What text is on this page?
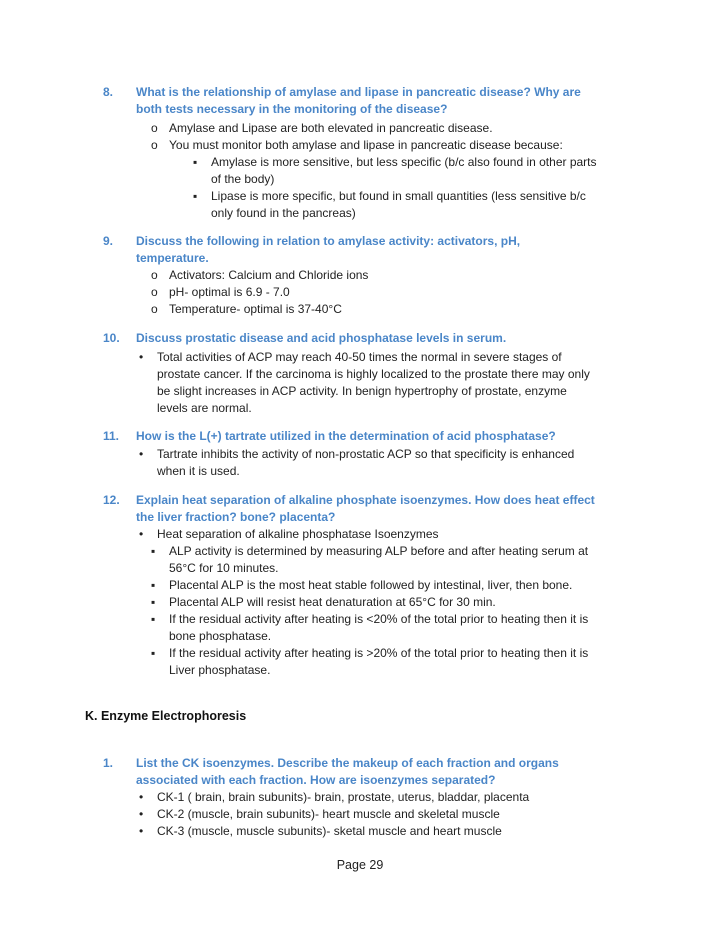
8. What is the relationship of amylase and lipase in pancreatic disease? Why are
both tests necessary in the monitoring of the disease?
o Amylase and Lipase are both elevated in pancreatic disease.
o You must monitor both amylase and lipase in pancreatic disease because:
▪ Amylase is more sensitive, but less specific (b/c also found in other parts
of the body)
▪ Lipase is more specific, but found in small quantities (less sensitive b/c
only found in the pancreas)
9. Discuss the following in relation to amylase activity: activators, pH,
temperature.
o Activators: Calcium and Chloride ions
o pH- optimal is 6.9 - 7.0
o Temperature- optimal is 37-40°C
10. Discuss prostatic disease and acid phosphatase levels in serum.
• Total activities of ACP may reach 40-50 times the normal in severe stages of
prostate cancer. If the carcinoma is highly localized to the prostate there may only
be slight increases in ACP activity. In benign hypertrophy of prostate, enzyme
levels are normal.
11. How is the L(+) tartrate utilized in the determination of acid phosphatase?
• Tartrate inhibits the activity of non-prostatic ACP so that specificity is enhanced
when it is used.
12. Explain heat separation of alkaline phosphate isoenzymes. How does heat effect
the liver fraction? bone? placenta?
• Heat separation of alkaline phosphatase Isoenzymes
▪ ALP activity is determined by measuring ALP before and after heating serum at
56°C for 10 minutes.
▪ Placental ALP is the most heat stable followed by intestinal, liver, then bone.
▪ Placental ALP will resist heat denaturation at 65°C for 30 min.
▪ If the residual activity after heating is <20% of the total prior to heating then it is
bone phosphatase.
▪ If the residual activity after heating is >20% of the total prior to heating then it is
Liver phosphatase.
K. Enzyme Electrophoresis
1. List the CK isoenzymes. Describe the makeup of each fraction and organs
associated with each fraction. How are isoenzymes separated?
• CK-1 ( brain, brain subunits)- brain, prostate, uterus, bladdar, placenta
• CK-2 (muscle, brain subunits)- heart muscle and skeletal muscle
• CK-3 (muscle, muscle subunits)- sketal muscle and heart muscle
Page 29
